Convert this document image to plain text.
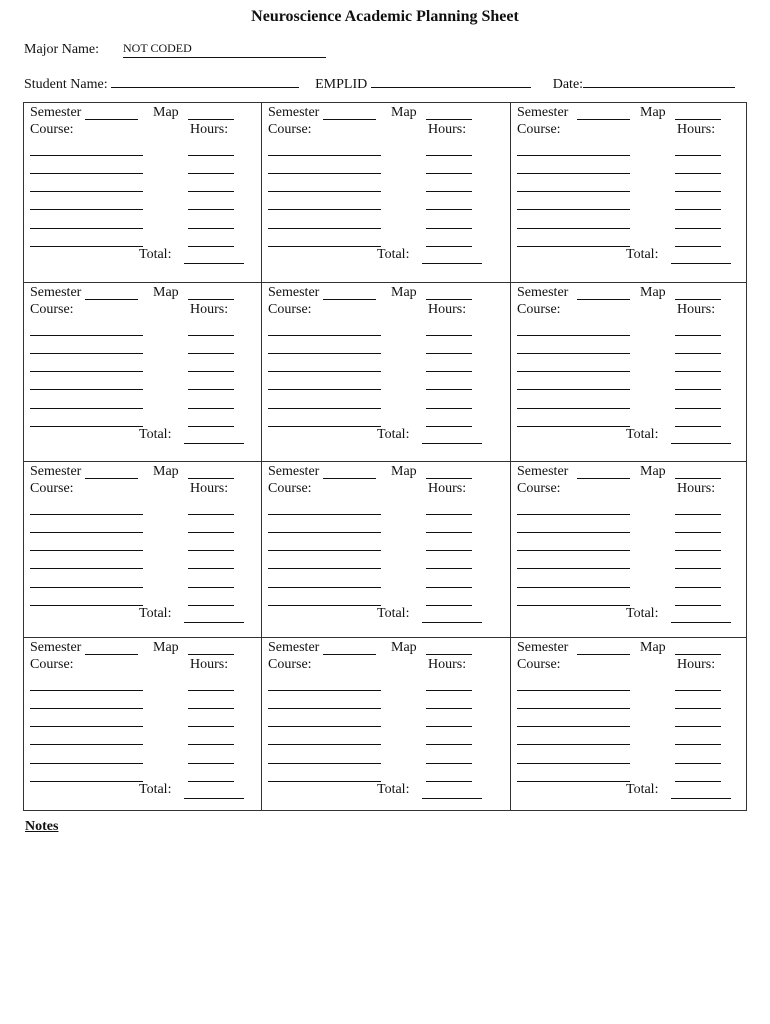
Neuroscience Academic Planning Sheet
Major Name: NOT CODED
Student Name:	EMPLID	Date:
Semester	Map
Course:	Hours:
Total:
Semester	Map
Course:	Hours:
Total:
Semester	Map
Course:	Hours:
Total:
Semester	Map
Course:	Hours:
Total:
Semester	Map
Course:	Hours:
Total:
Semester	Map
Course:	Hours:
Total:
Semester	Map
Course:	Hours:
Total:
Semester	Map
Course:	Hours:
Total:
Semester	Map
Course:	Hours:
Total:
Semester	Map
Course:	Hours:
Total:
Semester	Map
Course:	Hours:
Total:
Semester	Map
Course:	Hours:
Total:
Notes
